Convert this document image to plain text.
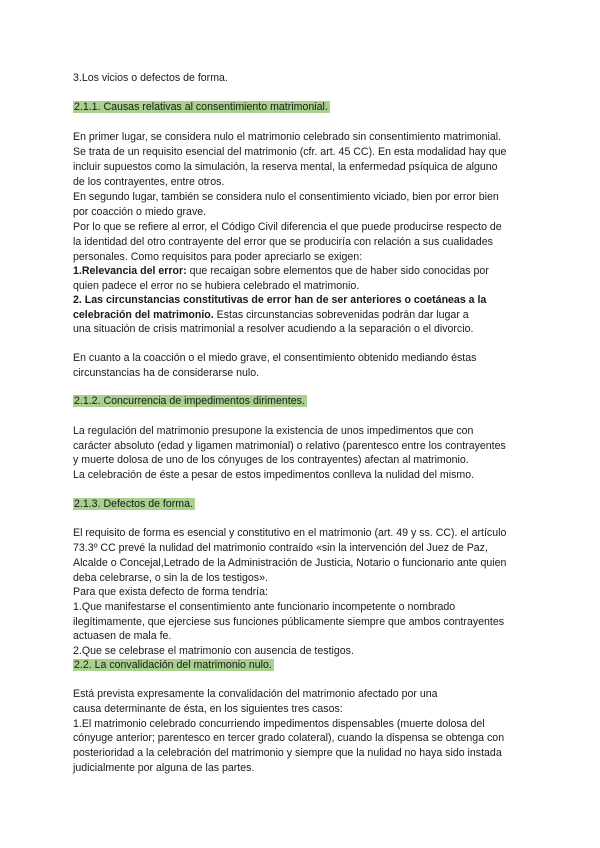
3.Los vicios o defectos de forma.
2.1.1. Causas relativas al consentimiento matrimonial.
En primer lugar, se considera nulo el matrimonio celebrado sin consentimiento matrimonial.
Se trata de un requisito esencial del matrimonio (cfr. art. 45 CC). En esta modalidad hay que
incluir supuestos como la simulación, la reserva mental, la enfermedad psíquica de alguno
de los contrayentes, entre otros.
En segundo lugar, también se considera nulo el consentimiento viciado, bien por error bien
por coacción o miedo grave.
Por lo que se refiere al error, el Código Civil diferencia el que puede producirse respecto de
la identidad del otro contrayente del error que se produciría con relación a sus cualidades
personales. Como requisitos para poder apreciarlo se exigen:
1.Relevancia del error: que recaigan sobre elementos que de haber sido conocidas por
quien padece el error no se hubiera celebrado el matrimonio.
2. Las circunstancias constitutivas de error han de ser anteriores o coetáneas a la
celebración del matrimonio. Estas circunstancias sobrevenidas podrán dar lugar a
una situación de crisis matrimonial a resolver acudiendo a la separación o el divorcio.
En cuanto a la coacción o el miedo grave, el consentimiento obtenido mediando éstas
circunstancias ha de considerarse nulo.
2.1.2. Concurrencia de impedimentos dirimentes.
La regulación del matrimonio presupone la existencia de unos impedimentos que con
carácter absoluto (edad y ligamen matrimonial) o relativo (parentesco entre los contrayentes
y muerte dolosa de uno de los cónyuges de los contrayentes) afectan al matrimonio.
La celebración de éste a pesar de estos impedimentos conlleva la nulidad del mismo.
2.1.3. Defectos de forma.
El requisito de forma es esencial y constitutivo en el matrimonio (art. 49 y ss. CC). el artículo
73.3º CC prevé la nulidad del matrimonio contraído «sin la intervención del Juez de Paz,
Alcalde o Concejal,Letrado de la Administración de Justicia, Notario o funcionario ante quien
deba celebrarse, o sin la de los testigos».
Para que exista defecto de forma tendría:
1.Que manifestarse el consentimiento ante funcionario incompetente o nombrado
ilegítimamente, que ejerciese sus funciones públicamente siempre que ambos contrayentes
actuasen de mala fe.
2.Que se celebrase el matrimonio con ausencia de testigos.
2.2. La convalidación del matrimonio nulo.
Está prevista expresamente la convalidación del matrimonio afectado por una
causa determinante de ésta, en los siguientes tres casos:
1.El matrimonio celebrado concurriendo impedimentos dispensables (muerte dolosa del
cónyuge anterior; parentesco en tercer grado colateral), cuando la dispensa se obtenga con
posterioridad a la celebración del matrimonio y siempre que la nulidad no haya sido instada
judicialmente por alguna de las partes.
